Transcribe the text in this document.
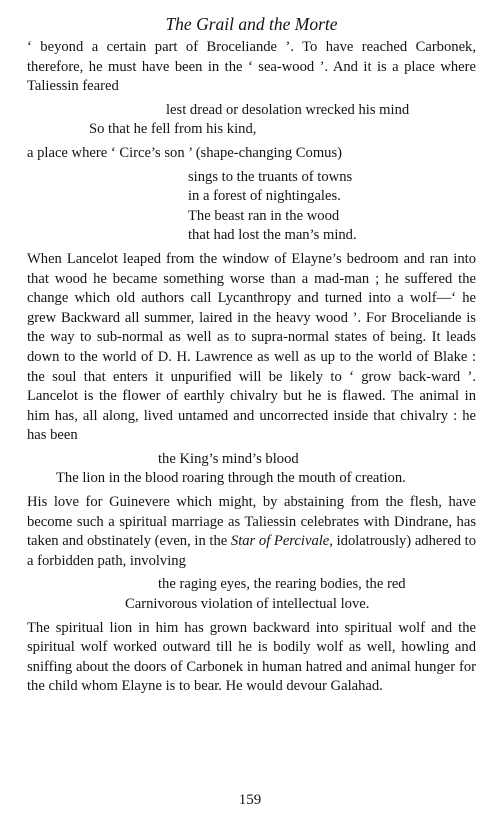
The Grail and the Morte

‘ beyond a certain part of Broceliande ’. To have reached Carbonek, therefore, he must have been in the ‘ sea-wood ’. And it is a place where Taliessin feared

lest dread or desolation wrecked his mind
So that he fell from his kind,

a place where ‘ Circe’s son ’ (shape-changing Comus)

sings to the truants of towns
in a forest of nightingales.
The beast ran in the wood
that had lost the man’s mind.

When Lancelot leaped from the window of Elayne’s bedroom and ran into that wood he became something worse than a mad-man ; he suffered the change which old authors call Lycanthropy and turned into a wolf—‘ he grew Backward all summer, laired in the heavy wood ’. For Broceliande is the way to sub-normal as well as to supra-normal states of being. It leads down to the world of D. H. Lawrence as well as up to the world of Blake : the soul that enters it unpurified will be likely to ‘ grow back-ward ’. Lancelot is the flower of earthly chivalry but he is flawed. The animal in him has, all along, lived untamed and uncorrected inside that chivalry : he has been

the King’s mind’s blood
The lion in the blood roaring through the mouth of creation.

His love for Guinevere which might, by abstaining from the flesh, have become such a spiritual marriage as Taliessin celebrates with Dindrane, has taken and obstinately (even, in the Star of Percivale, idolatrously) adhered to a forbidden path, involving

the raging eyes, the rearing bodies, the red
Carnivorous violation of intellectual love.

The spiritual lion in him has grown backward into spiritual wolf and the spiritual wolf worked outward till he is bodily wolf as well, howling and sniffing about the doors of Carbonek in human hatred and animal hunger for the child whom Elayne is to bear. He would devour Galahad.

159
